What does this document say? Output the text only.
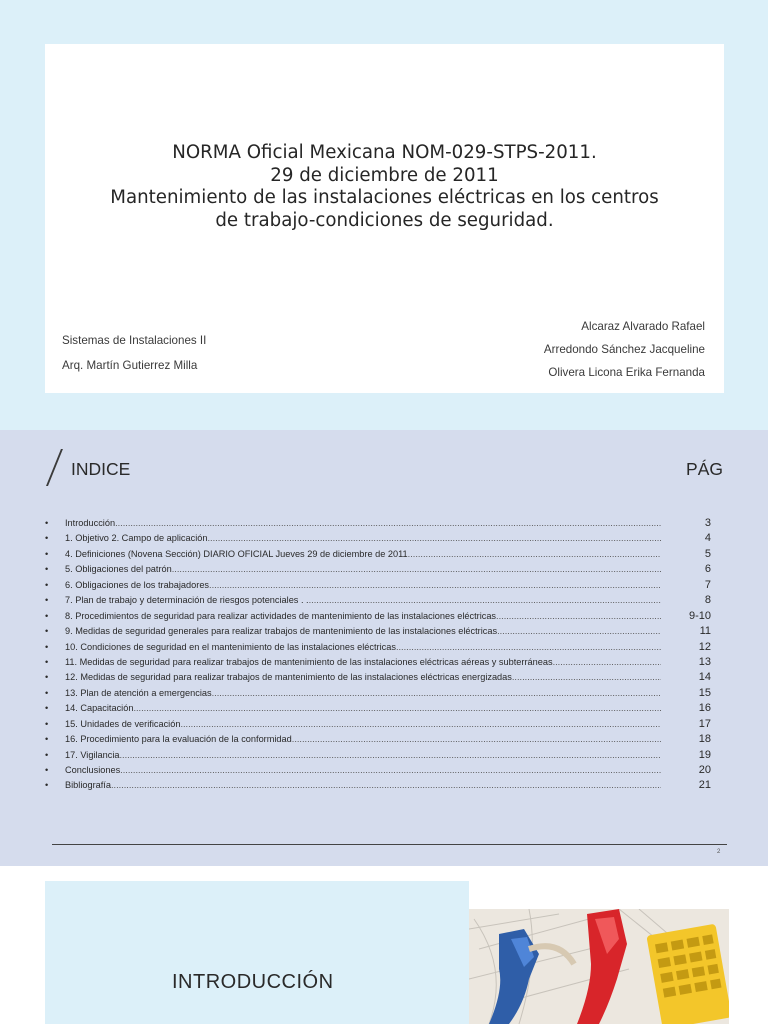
NORMA Oficial Mexicana NOM-029-STPS-2011.
29 de diciembre de 2011
Mantenimiento de las instalaciones eléctricas en los centros
de trabajo-condiciones de seguridad.
Sistemas de Instalaciones II
Arq. Martín Gutierrez Milla
Alcaraz Alvarado Rafael
Arredondo Sánchez Jacqueline
Olivera Licona Erika Fernanda
INDICE	PÁG
•	Introducción .....	3
•	1. Objetivo 2. Campo de aplicación .....	4
•	4. Definiciones (Novena Sección) DIARIO OFICIAL Jueves 29 de diciembre de 2011 .....	5
•	5. Obligaciones del patrón .....	6
•	6. Obligaciones de los trabajadores .....	7
•	7. Plan de trabajo y determinación de riesgos potenciales . . .....	8
•	8. Procedimientos de seguridad para realizar actividades de mantenimiento de las instalaciones eléctricas .....	9-10
•	9. Medidas de seguridad generales para realizar trabajos de mantenimiento de las instalaciones eléctricas .....	11
•	10. Condiciones de seguridad en el mantenimiento de las instalaciones eléctricas .....	12
•	11. Medidas de seguridad para realizar trabajos de mantenimiento de las instalaciones eléctricas aéreas y subterráneas .....	13
•	12. Medidas de seguridad para realizar trabajos de mantenimiento de las instalaciones eléctricas energizadas .....	14
•	13. Plan de atención a emergencias .....	15
•	14. Capacitación .....	16
•	15. Unidades de verificación .....	17
•	16. Procedimiento para la evaluación de la conformidad .....	18
•	17. Vigilancia .....	19
•	Conclusiones .....	20
•	Bibliografía .....	21
2
INTRODUCCIÓN
